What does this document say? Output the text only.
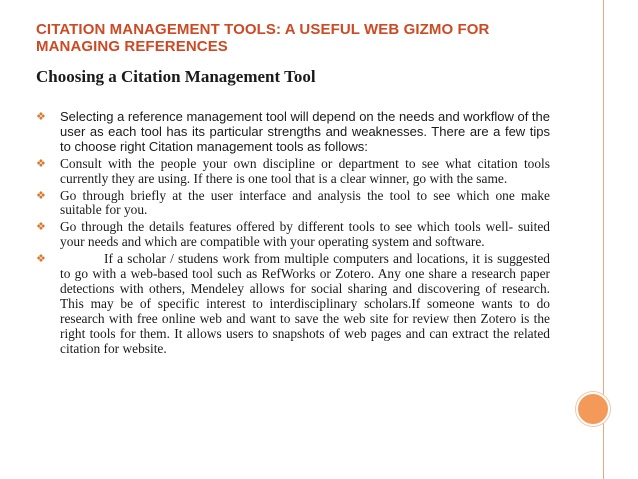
CITATION MANAGEMENT TOOLS: A USEFUL WEB GIZMO FOR MANAGING REFERENCES
Choosing a Citation Management Tool
❖ Selecting a reference management tool will depend on the needs and workflow of the user as each tool has its particular strengths and weaknesses. There are a few tips to choose right Citation management tools as follows:
❖ Consult with the people your own discipline or department to see what citation tools currently they are using. If there is one tool that is a clear winner, go with the same.
❖ Go through briefly at the user interface and analysis the tool to see which one make suitable for you.
❖ Go through the details features offered by different tools to see which tools well- suited your needs and which are compatible with your operating system and software.
❖	If a scholar / studens work from multiple computers and locations, it is suggested to go with a web-based tool such as RefWorks or Zotero. Any one share a research paper detections with others, Mendeley allows for social sharing and discovering of research. This may be of specific interest to interdisciplinary scholars.If someone wants to do research with free online web and want to save the web site for review then Zotero is the right tools for them. It allows users to snapshots of web pages and can extract the related citation for website.
